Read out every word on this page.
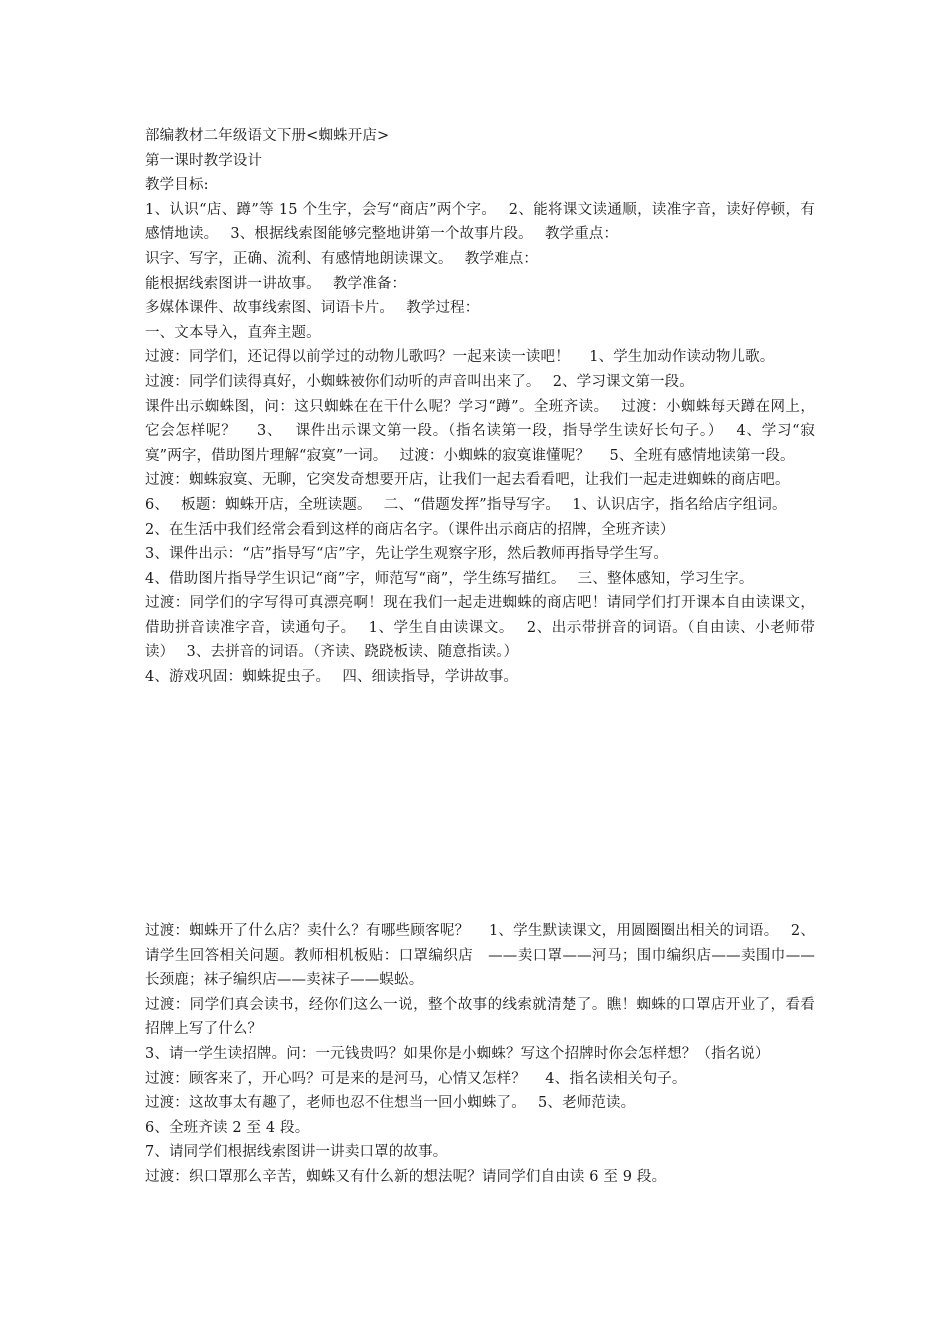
部编教材二年级语文下册<蜘蛛开店>

第一课时教学设计

教学目标:

1、认识“店、蹲”等 15 个生字，会写“商店”两个字。　 2、能将课文读通顺，读准字音，读好停顿，有感情地读。　 3、根据线索图能够完整地讲第一个故事片段。　 教学重点：

识字、写字，正确、流利、有感情地朗读课文。　 教学难点：

能根据线索图讲一讲故事。　 教学准备：

多媒体课件、故事线索图、词语卡片。　 教学过程：

一、文本导入，直奔主题。

过渡：同学们，还记得以前学过的动物儿歌吗？一起来读一读吧！　 1、学生加动作读动物儿歌。

过渡：同学们读得真好，小蜘蛛被你们动听的声音叫出来了。　 2、学习课文第一段。

课件出示蜘蛛图，问：这只蜘蛛在在干什么呢？学习“蹲”。全班齐读。　 过渡：小蜘蛛每天蹲在网上，它会怎样呢？　 3、　 课件出示课文第一段。（指名读第一段，指导学生读好长句子。）　 4、学习“寂寞”两字，借助图片理解“寂寞”一词。　 过渡：小蜘蛛的寂寞谁懂呢？　 5、全班有感情地读第一段。

过渡：蜘蛛寂寞、无聊，它突发奇想要开店，让我们一起去看看吧，让我们一起走进蜘蛛的商店吧。

6、　 板题：蜘蛛开店，全班读题。　 二、“借题发挥”指导写字。　 1、认识店字，指名给店字组词。

2、在生活中我们经常会看到这样的商店名字。（课件出示商店的招牌，全班齐读）

3、课件出示：“店”指导写“店”字，先让学生观察字形，然后教师再指导学生写。

4、借助图片指导学生识记“商”字，师范写“商”，学生练写描红。　 三、整体感知，学习生字。

过渡：同学们的字写得可真漂亮啊！现在我们一起走进蜘蛛的商店吧！请同学们打开课本自由读课文，借助拼音读准字音，读通句子。　 1、学生自由读课文。　 2、出示带拼音的词语。（自由读、小老师带读）　 3、去拼音的词语。（齐读、跷跷板读、随意指读。）

4、游戏巩固：蜘蛛捉虫子。　 四、细读指导，学讲故事。

过渡：蜘蛛开了什么店？卖什么？有哪些顾客呢？　 1、学生默读课文，用圆圈圈出相关的词语。　 2、请学生回答相关问题。教师相机板贴：口罩编织店　——卖口罩——河马；围巾编织店——卖围巾——长颈鹿；袜子编织店——卖袜子——蜈蚣。

过渡：同学们真会读书，经你们这么一说，整个故事的线索就清楚了。瞧！蜘蛛的口罩店开业了，看看招牌上写了什么？

3、请一学生读招牌。问：一元钱贵吗？如果你是小蜘蛛？写这个招牌时你会怎样想？（指名说）

过渡：顾客来了，开心吗？可是来的是河马，心情又怎样？　 4、指名读相关句子。

过渡：这故事太有趣了，老师也忍不住想当一回小蜘蛛了。　 5、老师范读。

6、全班齐读 2 至 4 段。

7、请同学们根据线索图讲一讲卖口罩的故事。

过渡：织口罩那么辛苦，蜘蛛又有什么新的想法呢？请同学们自由读 6 至 9 段。
